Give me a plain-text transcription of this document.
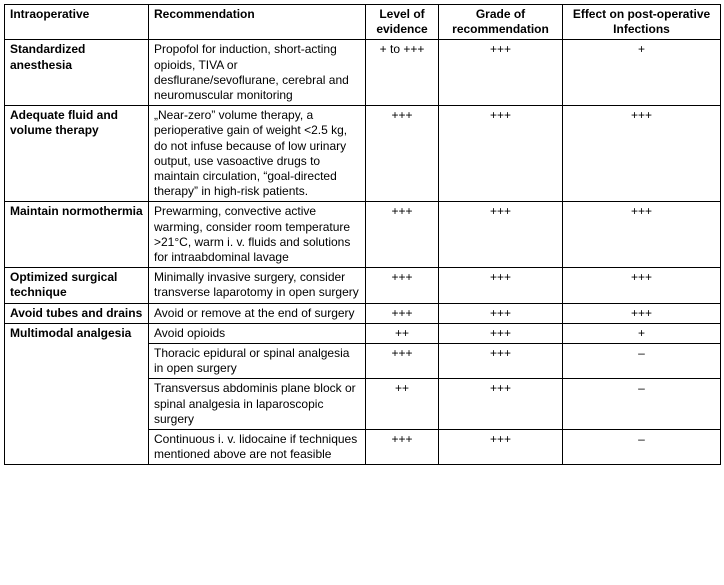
Intraoperative	Recommendation	Level of evidence	Grade of recommendation	Effect on post-operative Infections
Standardized anesthesia	Propofol for induction, short-acting opioids, TIVA or desflurane/sevoflurane, cerebral and neuromuscular monitoring	+ to +++	+++	+
Adequate fluid and volume therapy	„Near-zero” volume therapy, a perioperative gain of weight <2.5 kg, do not infuse because of low urinary output, use vasoactive drugs to maintain circulation, “goal-directed therapy” in high-risk patients.	+++	+++	+++
Maintain normothermia	Prewarming, convective active warming, consider room temperature >21°C, warm i. v. fluids and solutions for intraabdominal lavage	+++	+++	+++
Optimized surgical technique	Minimally invasive surgery, consider transverse laparotomy in open surgery	+++	+++	+++
Avoid tubes and drains	Avoid or remove at the end of surgery	+++	+++	+++
Multimodal analgesia	Avoid opioids	++	+++	+
	Thoracic epidural or spinal analgesia in open surgery	+++	+++	–
	Transversus abdominis plane block or spinal analgesia in laparoscopic surgery	++	+++	–
	Continuous i. v. lidocaine if techniques mentioned above are not feasible	+++	+++	–
